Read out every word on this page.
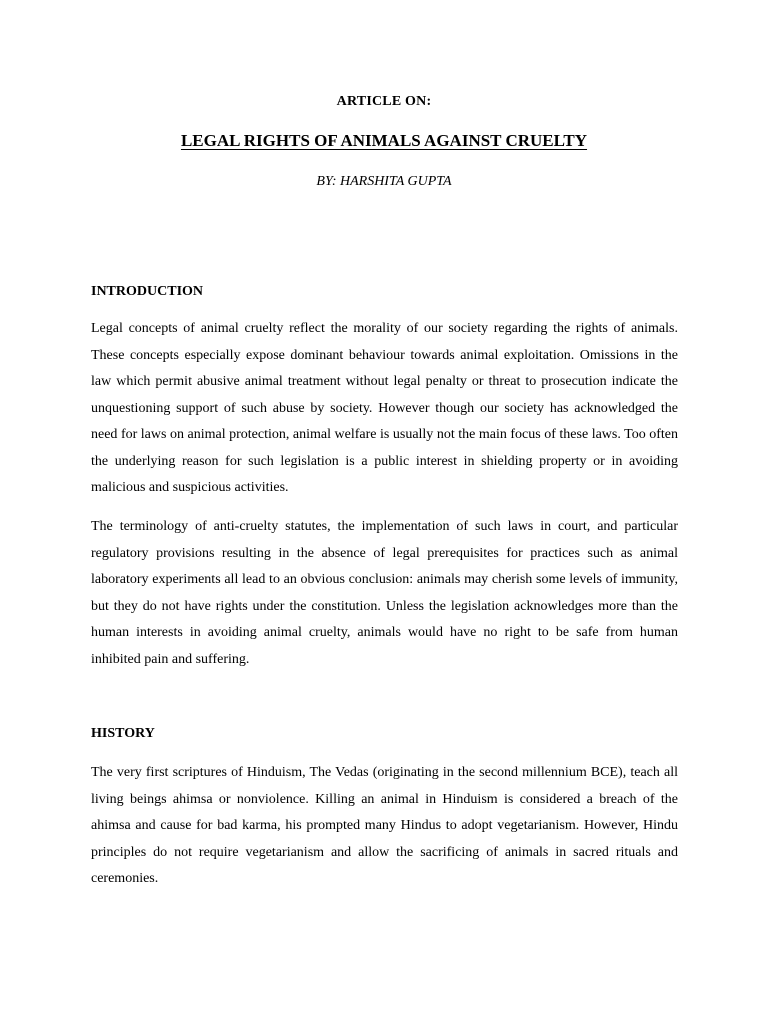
ARTICLE ON:
LEGAL RIGHTS OF ANIMALS AGAINST CRUELTY
BY: HARSHITA GUPTA
INTRODUCTION

Legal concepts of animal cruelty reflect the morality of our society regarding the rights of animals. These concepts especially expose dominant behaviour towards animal exploitation. Omissions in the law which permit abusive animal treatment without legal penalty or threat to prosecution indicate the unquestioning support of such abuse by society. However though our society has acknowledged the need for laws on animal protection, animal welfare is usually not the main focus of these laws. Too often the underlying reason for such legislation is a public interest in shielding property or in avoiding malicious and suspicious activities.

The terminology of anti-cruelty statutes, the implementation of such laws in court, and particular regulatory provisions resulting in the absence of legal prerequisites for practices such as animal laboratory experiments all lead to an obvious conclusion: animals may cherish some levels of immunity, but they do not have rights under the constitution. Unless the legislation acknowledges more than the human interests in avoiding animal cruelty, animals would have no right to be safe from human inhibited pain and suffering.

HISTORY

The very first scriptures of Hinduism, The Vedas (originating in the second millennium BCE), teach all living beings ahimsa or nonviolence. Killing an animal in Hinduism is considered a breach of the ahimsa and cause for bad karma, his prompted many Hindus to adopt vegetarianism. However, Hindu principles do not require vegetarianism and allow the sacrificing of animals in sacred rituals and ceremonies.
